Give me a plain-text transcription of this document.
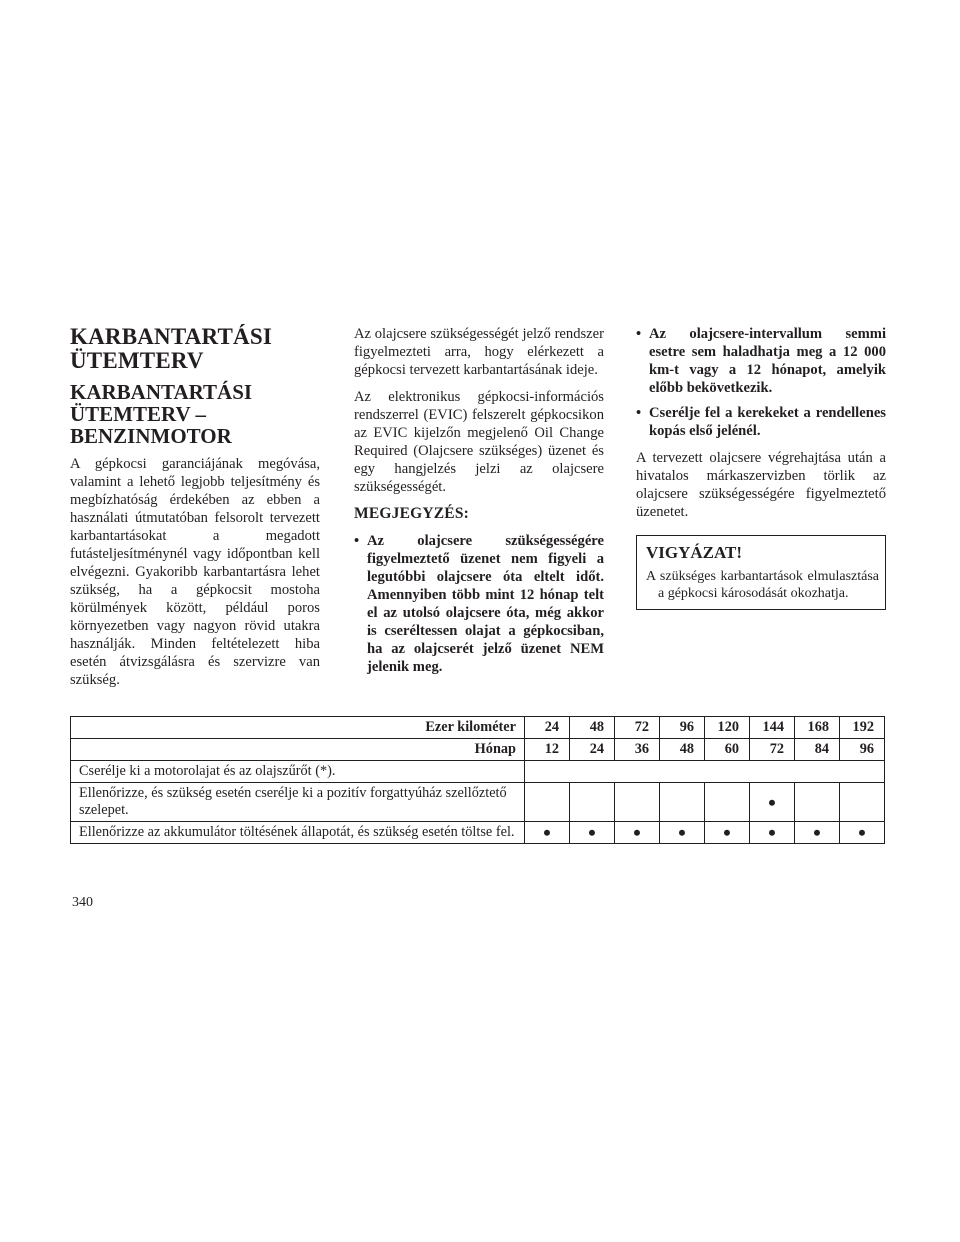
KARBANTARTÁSI ÜTEMTERV
KARBANTARTÁSI ÜTEMTERV – BENZINMOTOR

A gépkocsi garanciájának megóvása, valamint a lehető legjobb teljesítmény és megbízhatóság érdekében az ebben a használati útmutatóban felsorolt tervezett karbantartásokat a megadott futásteljesítménynél vagy időpontban kell elvégezni. Gyakoribb karbantartásra lehet szükség, ha a gépkocsit mostoha körülmények között, például poros környezetben vagy nagyon rövid utakra használják. Minden feltételezett hiba esetén átvizsgálásra és szervizre van szükség.

Az olajcsere szükségességét jelző rendszer figyelmezteti arra, hogy elérkezett a gépkocsi tervezett karbantartásának ideje.

Az elektronikus gépkocsi-információs rendszerrel (EVIC) felszerelt gépkocsikon az EVIC kijelzőn megjelenő Oil Change Required (Olajcsere szükséges) üzenet és egy hangjelzés jelzi az olajcsere szükségességét.

MEGJEGYZÉS:
• Az olajcsere szükségességére figyelmeztető üzenet nem figyeli a legutóbbi olajcsere óta eltelt időt. Amennyiben több mint 12 hónap telt el az utolsó olajcsere óta, még akkor is cseréltessen olajat a gépkocsiban, ha az olajcserét jelző üzenet NEM jelenik meg.
• Az olajcsere-intervallum semmi esetre sem haladhatja meg a 12 000 km-t vagy a 12 hónapot, amelyik előbb bekövetkezik.
• Cserélje fel a kerekeket a rendellenes kopás első jelénél.

A tervezett olajcsere végrehajtása után a hivatalos márkaszervizben törlik az olajcsere szükségességére figyelmeztető üzenetet.

VIGYÁZAT!

A szükséges karbantartások elmulasztása a gépkocsi károsodását okozhatja.

Ezer kilométer	24	48	72	96	120	144	168	192
Hónap	12	24	36	48	60	72	84	96
Cserélje ki a motorolajat és az olajszűrőt (*).								
Ellenőrizze, és szükség esetén cserélje ki a pozitív forgattyúház szellőztető szelepet.						•		
Ellenőrizze az akkumulátor töltésének állapotát, és szükség esetén töltse fel.	•	•	•	•	•	•	•	•
340
